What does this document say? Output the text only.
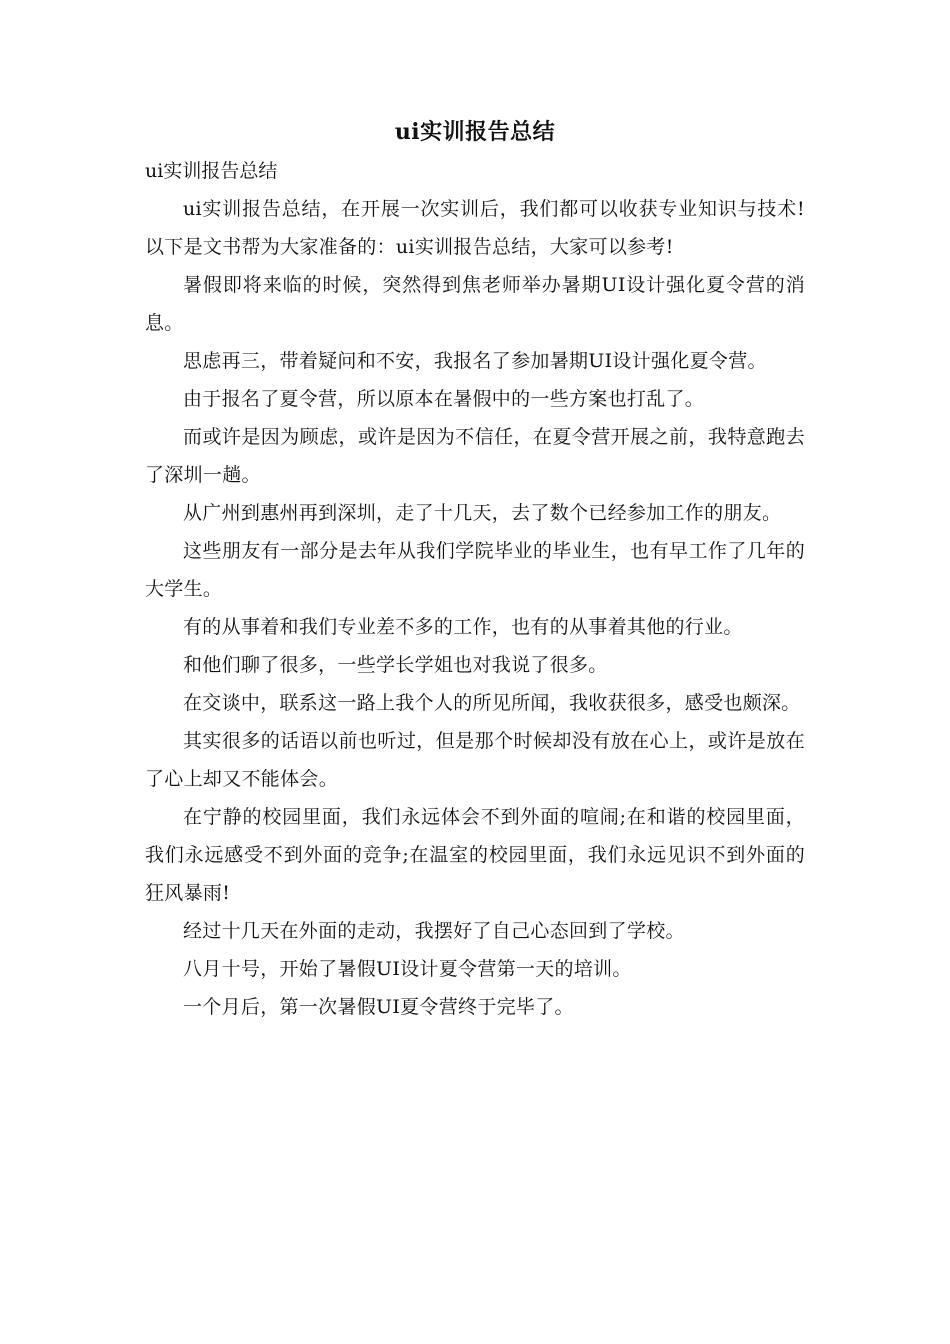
ui实训报告总结

ui实训报告总结

ui实训报告总结，在开展一次实训后，我们都可以收获专业知识与技术!以下是文书帮为大家准备的：ui实训报告总结，大家可以参考!

暑假即将来临的时候，突然得到焦老师举办暑期UI设计强化夏令营的消息。

思虑再三，带着疑问和不安，我报名了参加暑期UI设计强化夏令营。

由于报名了夏令营，所以原本在暑假中的一些方案也打乱了。

而或许是因为顾虑，或许是因为不信任，在夏令营开展之前，我特意跑去了深圳一趟。

从广州到惠州再到深圳，走了十几天，去了数个已经参加工作的朋友。

这些朋友有一部分是去年从我们学院毕业的毕业生，也有早工作了几年的大学生。

有的从事着和我们专业差不多的工作，也有的从事着其他的行业。

和他们聊了很多，一些学长学姐也对我说了很多。

在交谈中，联系这一路上我个人的所见所闻，我收获很多，感受也颇深。

其实很多的话语以前也听过，但是那个时候却没有放在心上，或许是放在了心上却又不能体会。

在宁静的校园里面，我们永远体会不到外面的喧闹;在和谐的校园里面，我们永远感受不到外面的竞争;在温室的校园里面，我们永远见识不到外面的狂风暴雨!

经过十几天在外面的走动，我摆好了自己心态回到了学校。

八月十号，开始了暑假UI设计夏令营第一天的培训。

一个月后，第一次暑假UI夏令营终于完毕了。
